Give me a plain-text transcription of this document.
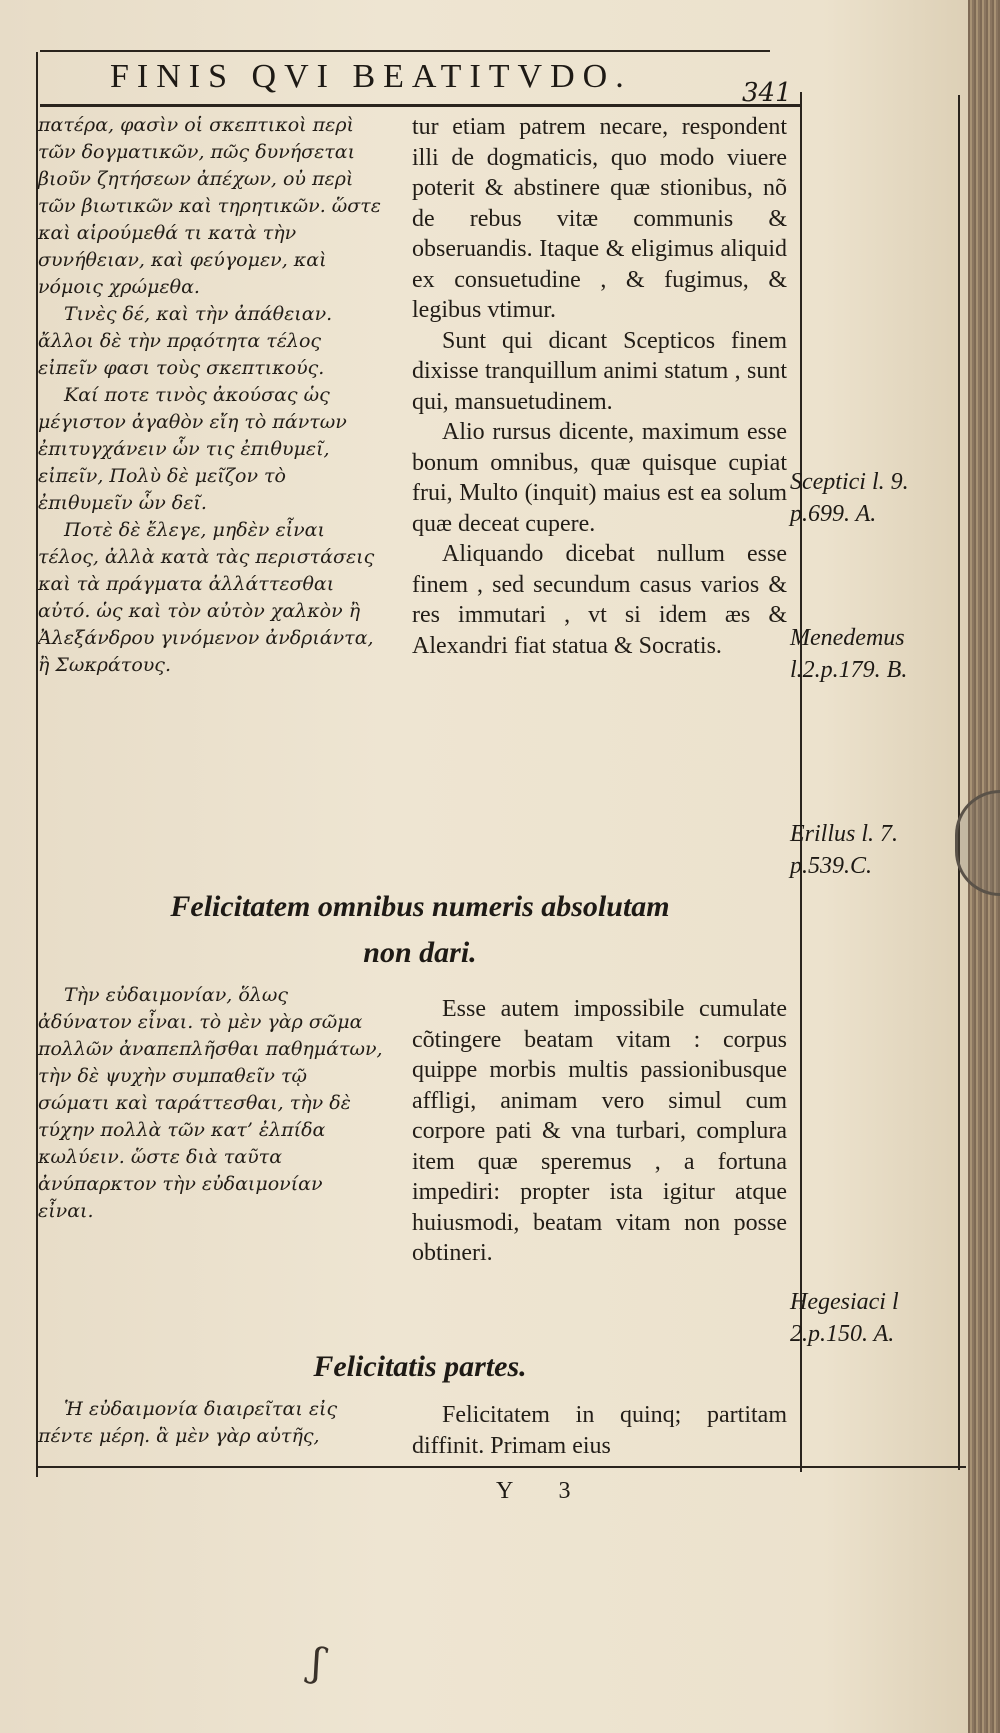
FINIS QVI BEATITVDO.	341

πατέρα, φασὶν οἱ σκεπτικοὶ περὶ τῶν δογματικῶν, πῶς δυνήσεται βιοῦν ζητήσεων ἀπέχων, οὐ περὶ τῶν βιωτικῶν καὶ τηρητικῶν. ὥστε καὶ αἱρούμεθά τι κατὰ τὴν συνήθειαν, καὶ φεύγομεν, καὶ νόμοις χρώμεθα.

Τινὲς δέ, καὶ τὴν ἀπάθειαν. ἄλλοι δὲ τὴν πρᾳότητα τέλος εἰπεῖν φασι τοὺς σκεπτικούς.

Καί ποτε τινὸς ἀκούσας ὡς μέγιστον ἀγαθὸν εἴη τὸ πάντων ἐπιτυγχάνειν ὧν τις ἐπιθυμεῖ, εἰπεῖν, Πολὺ δὲ μεῖζον τὸ ἐπιθυμεῖν ὧν δεῖ.

Ποτὲ δὲ ἔλεγε, μηδὲν εἶναι τέλος, ἀλλὰ κατὰ τὰς περιστάσεις καὶ τὰ πράγματα ἀλλάττεσθαι αὐτό. ὡς καὶ τὸν αὐτὸν χαλκὸν ἢ Ἀλεξάνδρου γινόμενον ἀνδριάντα, ἢ Σωκράτους.

tur etiam patrem necare, respondent illi de dogmaticis, quo modo viuere poterit & abstinere quæ stionibus, nõ de rebus vitæ communis & obseruandis. Itaque & eligimus aliquid ex consuetudine , & fugimus, & legibus vtimur.

Sunt qui dicant Scepticos finem dixisse tranquillum animi statum , sunt qui, mansuetudinem.

Alio rursus dicente, maximum esse bonum omnibus, quæ quisque cupiat frui, Multo (inquit) maius est ea solum quæ deceat cupere.

Aliquando dicebat nullum esse finem , sed secundum casus varios & res immutari , vt si idem æs & Alexandri fiat statua & Socratis.

Felicitatem omnibus numeris absolutam
non dari.

Τὴν εὐδαιμονίαν, ὅλως ἀδύνατον εἶναι. τὸ μὲν γὰρ σῶμα πολλῶν ἀναπεπλῆσθαι παθημάτων, τὴν δὲ ψυχὴν συμπαθεῖν τῷ σώματι καὶ ταράττεσθαι, τὴν δὲ τύχην πολλὰ τῶν κατ’ ἐλπίδα κωλύειν. ὥστε διὰ ταῦτα ἀνύπαρκτον τὴν εὐδαιμονίαν εἶναι.

Esse autem impossibile cumulate cõtingere beatam vitam : corpus quippe morbis multis passionibusque affligi, animam vero simul cum corpore pati & vna turbari, complura item quæ speremus , a fortuna impediri: propter ista igitur atque huiusmodi, beatam vitam non posse obtineri.

Felicitatis partes.

Ἡ εὐδαιμονία διαιρεῖται εἰς πέντε μέρη. ἃ μὲν γὰρ αὐτῆς,

Felicitatem in quinq; partitam diffinit. Primam eius

Sceptici l. 9.
p.699. A.
Menedemus
l.2.p.179. B.
Erillus l. 7.
p.539.C.
Hegesiaci l
2.p.150. A.
Y 3
ʃ
